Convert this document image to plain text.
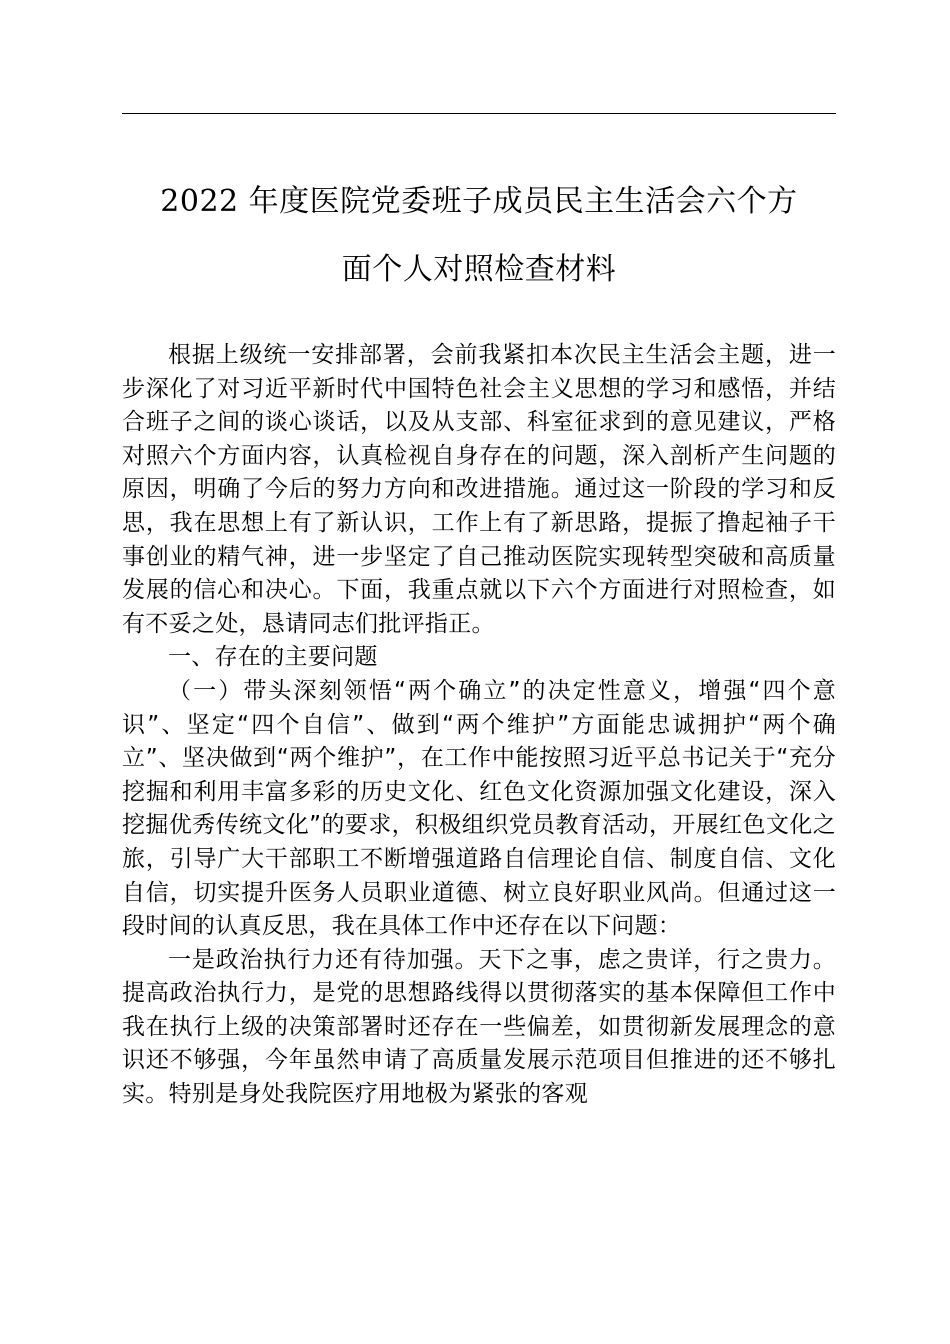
2022 年度医院党委班子成员民主生活会六个方
面个人对照检查材料

根据上级统一安排部署，会前我紧扣本次民主生活会主题，进一步深化了对习近平新时代中国特色社会主义思想的学习和感悟，并结合班子之间的谈心谈话，以及从支部、科室征求到的意见建议，严格对照六个方面内容，认真检视自身存在的问题，深入剖析产生问题的原因，明确了今后的努力方向和改进措施。通过这一阶段的学习和反思，我在思想上有了新认识，工作上有了新思路，提振了撸起袖子干事创业的精气神，进一步坚定了自己推动医院实现转型突破和高质量发展的信心和决心。下面，我重点就以下六个方面进行对照检查，如有不妥之处，恳请同志们批评指正。

一、存在的主要问题

（一）带头深刻领悟“两个确立”的决定性意义，增强“四个意识”、坚定“四个自信”、做到“两个维护”方面能忠诚拥护“两个确立”、坚决做到“两个维护”，在工作中能按照习近平总书记关于“充分挖掘和利用丰富多彩的历史文化、红色文化资源加强文化建设，深入挖掘优秀传统文化”的要求，积极组织党员教育活动，开展红色文化之旅，引导广大干部职工不断增强道路自信理论自信、制度自信、文化自信，切实提升医务人员职业道德、树立良好职业风尚。但通过这一段时间的认真反思，我在具体工作中还存在以下问题：

一是政治执行力还有待加强。天下之事，虑之贵详，行之贵力。提高政治执行力，是党的思想路线得以贯彻落实的基本保障但工作中我在执行上级的决策部署时还存在一些偏差，如贯彻新发展理念的意识还不够强，今年虽然申请了高质量发展示范项目但推进的还不够扎实。特别是身处我院医疗用地极为紧张的客观
